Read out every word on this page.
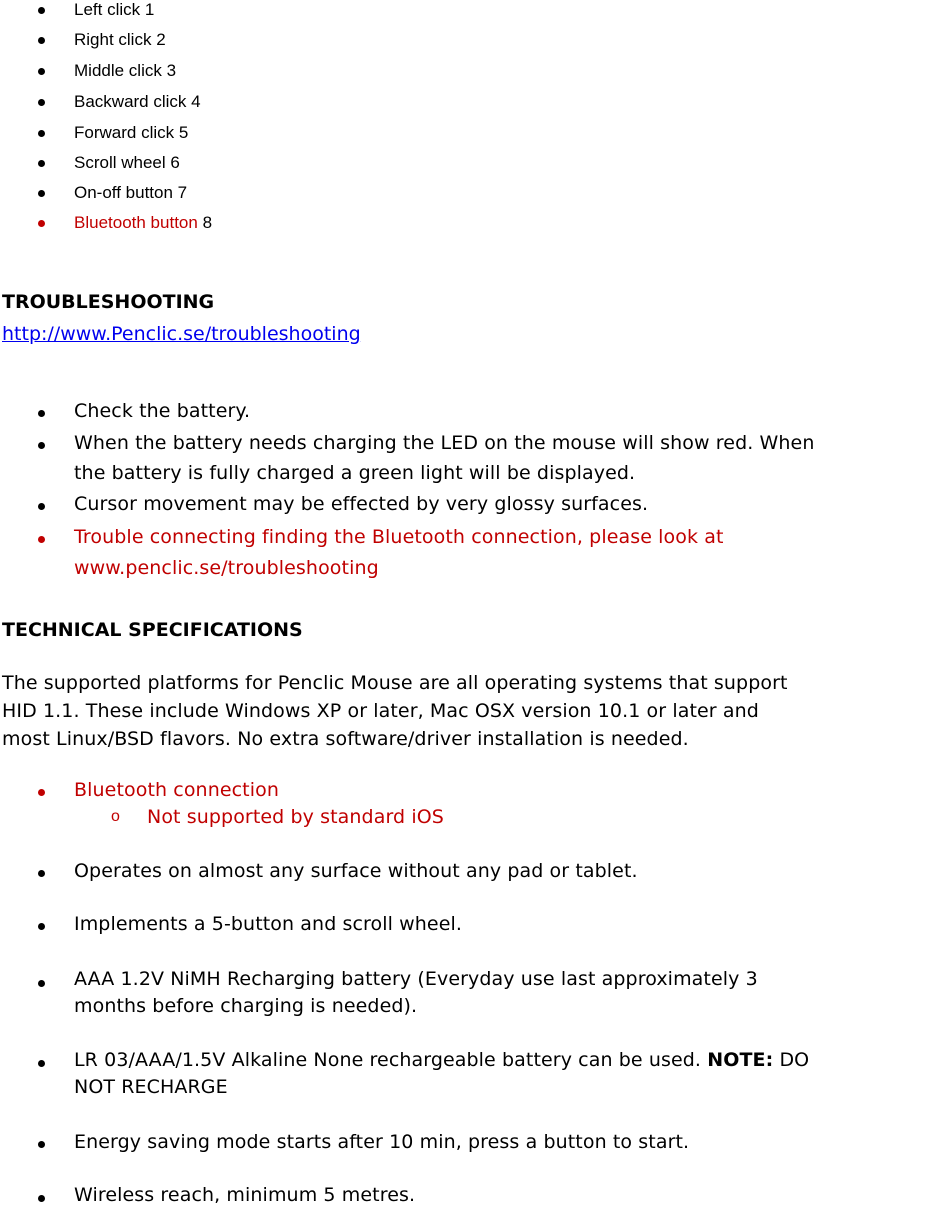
Left click 1
Right click 2
Middle click 3
Backward click 4
Forward click 5
Scroll wheel 6
On-off button 7
Bluetooth button 8
TROUBLESHOOTING
http://www.Penclic.se/troubleshooting
Check the battery.
When the battery needs charging the LED on the mouse will show red. When
the battery is fully charged a green light will be displayed.
Cursor movement may be effected by very glossy surfaces.
Trouble connecting finding the Bluetooth connection, please look at
www.penclic.se/troubleshooting
TECHNICAL SPECIFICATIONS
The supported platforms for Penclic Mouse are all operating systems that support
HID 1.1. These include Windows XP or later, Mac OSX version 10.1 or later and
most Linux/BSD flavors. No extra software/driver installation is needed.
Bluetooth connection
o Not supported by standard iOS
Operates on almost any surface without any pad or tablet.
Implements a 5-button and scroll wheel.
AAA 1.2V NiMH Recharging battery (Everyday use last approximately 3
months before charging is needed).
LR 03/AAA/1.5V Alkaline None rechargeable battery can be used. NOTE: DO
NOT RECHARGE
Energy saving mode starts after 10 min, press a button to start.
Wireless reach, minimum 5 metres.
